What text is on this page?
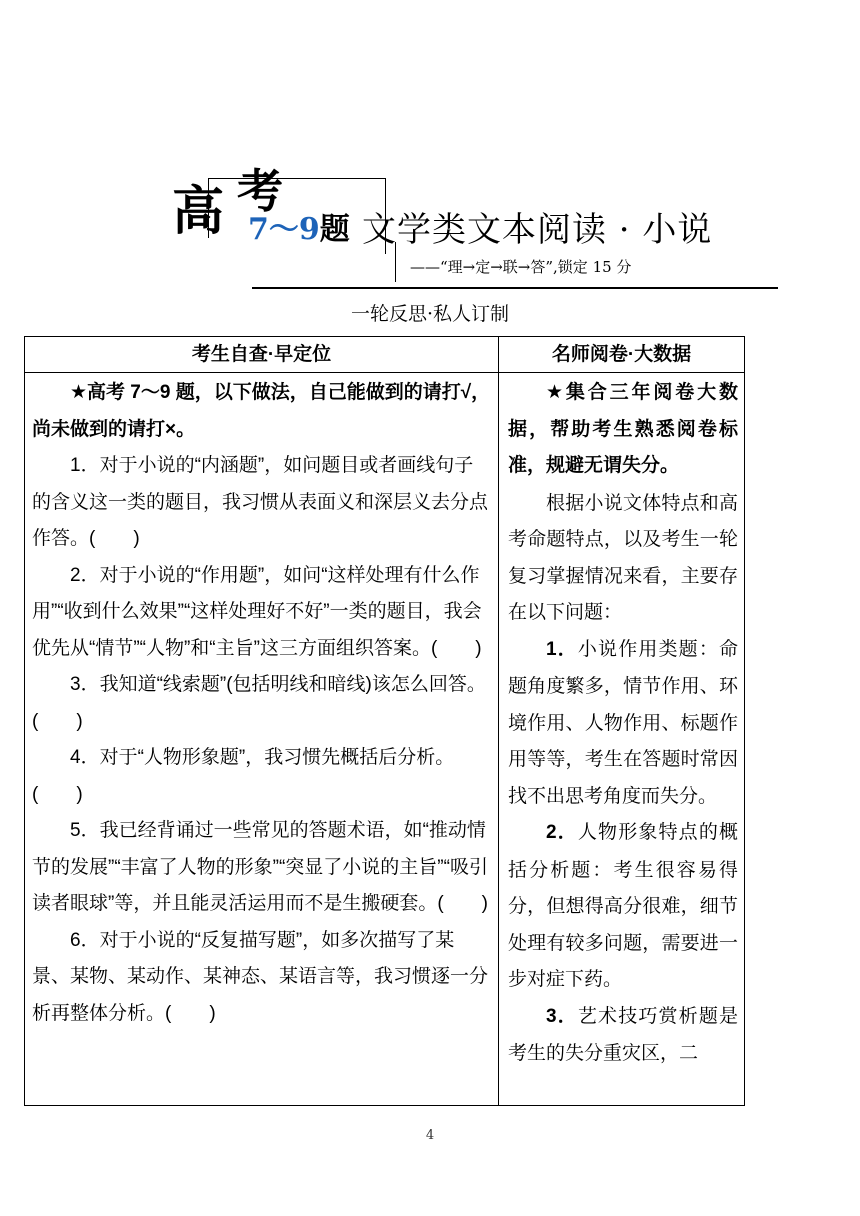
高 考
7～9题 文学类文本阅读 · 小说
——“理→定→联→答”,锁定 15 分
一轮反思·私人订制
考生自查·早定位	名师阅卷·大数据

★高考 7～9 题，以下做法，自己能做到的请打√，尚未做到的请打×。

1．对于小说的“内涵题”，如问题目或者画线句子的含义这一类的题目，我习惯从表面义和深层义去分点作答。(　　)

2．对于小说的“作用题”，如问“这样处理有什么作用”“收到什么效果”“这样处理好不好”一类的题目，我会优先从“情节”“人物”和“主旨”这三方面组织答案。(　　)

3．我知道“线索题”(包括明线和暗线)该怎么回答。(　　)

4．对于“人物形象题”，我习惯先概括后分析。(　　)

5．我已经背诵过一些常见的答题术语，如“推动情节的发展”“丰富了人物的形象”“突显了小说的主旨”“吸引读者眼球”等，并且能灵活运用而不是生搬硬套。(　　)

6．对于小说的“反复描写题”，如多次描写了某景、某物、某动作、某神态、某语言等，我习惯逐一分析再整体分析。(　　)

★集合三年阅卷大数据，帮助考生熟悉阅卷标准，规避无谓失分。

根据小说文体特点和高考命题特点，以及考生一轮复习掌握情况来看，主要存在以下问题：

1．小说作用类题：命题角度繁多，情节作用、环境作用、人物作用、标题作用等等，考生在答题时常因找不出思考角度而失分。

2．人物形象特点的概括分析题：考生很容易得分，但想得高分很难，细节处理有较多问题，需要进一步对症下药。

3．艺术技巧赏析题是考生的失分重灾区，二

4
